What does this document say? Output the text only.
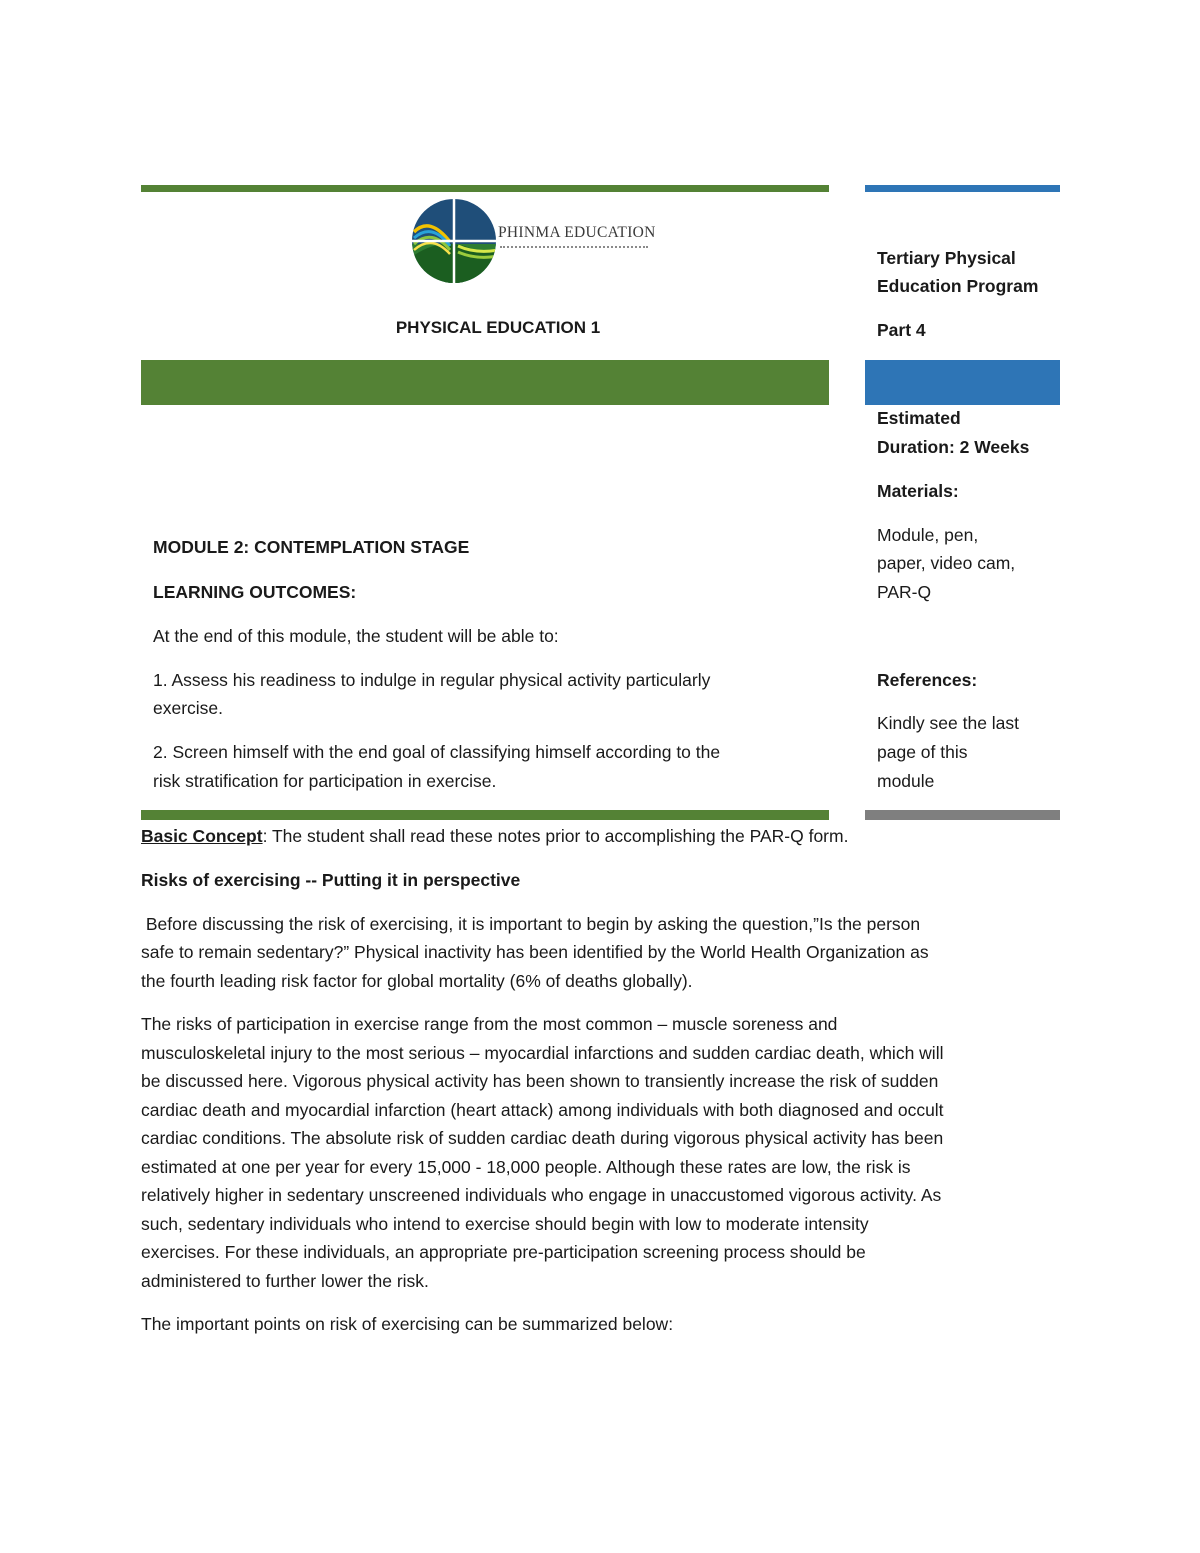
PHINMA EDUCATION
PHYSICAL EDUCATION 1
Tertiary Physical
Education Program
Part 4
Estimated
Duration: 2 Weeks
Materials:
Module, pen,
paper, video cam,
PAR-Q
References:
Kindly see the last
page of this
module
MODULE 2: CONTEMPLATION STAGE
LEARNING OUTCOMES:
At the end of this module, the student will be able to:
1. Assess his readiness to indulge in regular physical activity particularly
exercise.
2. Screen himself with the end goal of classifying himself according to the
risk stratification for participation in exercise.
Basic Concept: The student shall read these notes prior to accomplishing the PAR-Q form.
Risks of exercising -- Putting it in perspective
Before discussing the risk of exercising, it is important to begin by asking the question,”Is the person
safe to remain sedentary?” Physical inactivity has been identified by the World Health Organization as
the fourth leading risk factor for global mortality (6% of deaths globally).
The risks of participation in exercise range from the most common – muscle soreness and
musculoskeletal injury to the most serious – myocardial infarctions and sudden cardiac death, which will
be discussed here. Vigorous physical activity has been shown to transiently increase the risk of sudden
cardiac death and myocardial infarction (heart attack) among individuals with both diagnosed and occult
cardiac conditions. The absolute risk of sudden cardiac death during vigorous physical activity has been
estimated at one per year for every 15,000 - 18,000 people. Although these rates are low, the risk is
relatively higher in sedentary unscreened individuals who engage in unaccustomed vigorous activity. As
such, sedentary individuals who intend to exercise should begin with low to moderate intensity
exercises. For these individuals, an appropriate pre-participation screening process should be
administered to further lower the risk.
The important points on risk of exercising can be summarized below:
